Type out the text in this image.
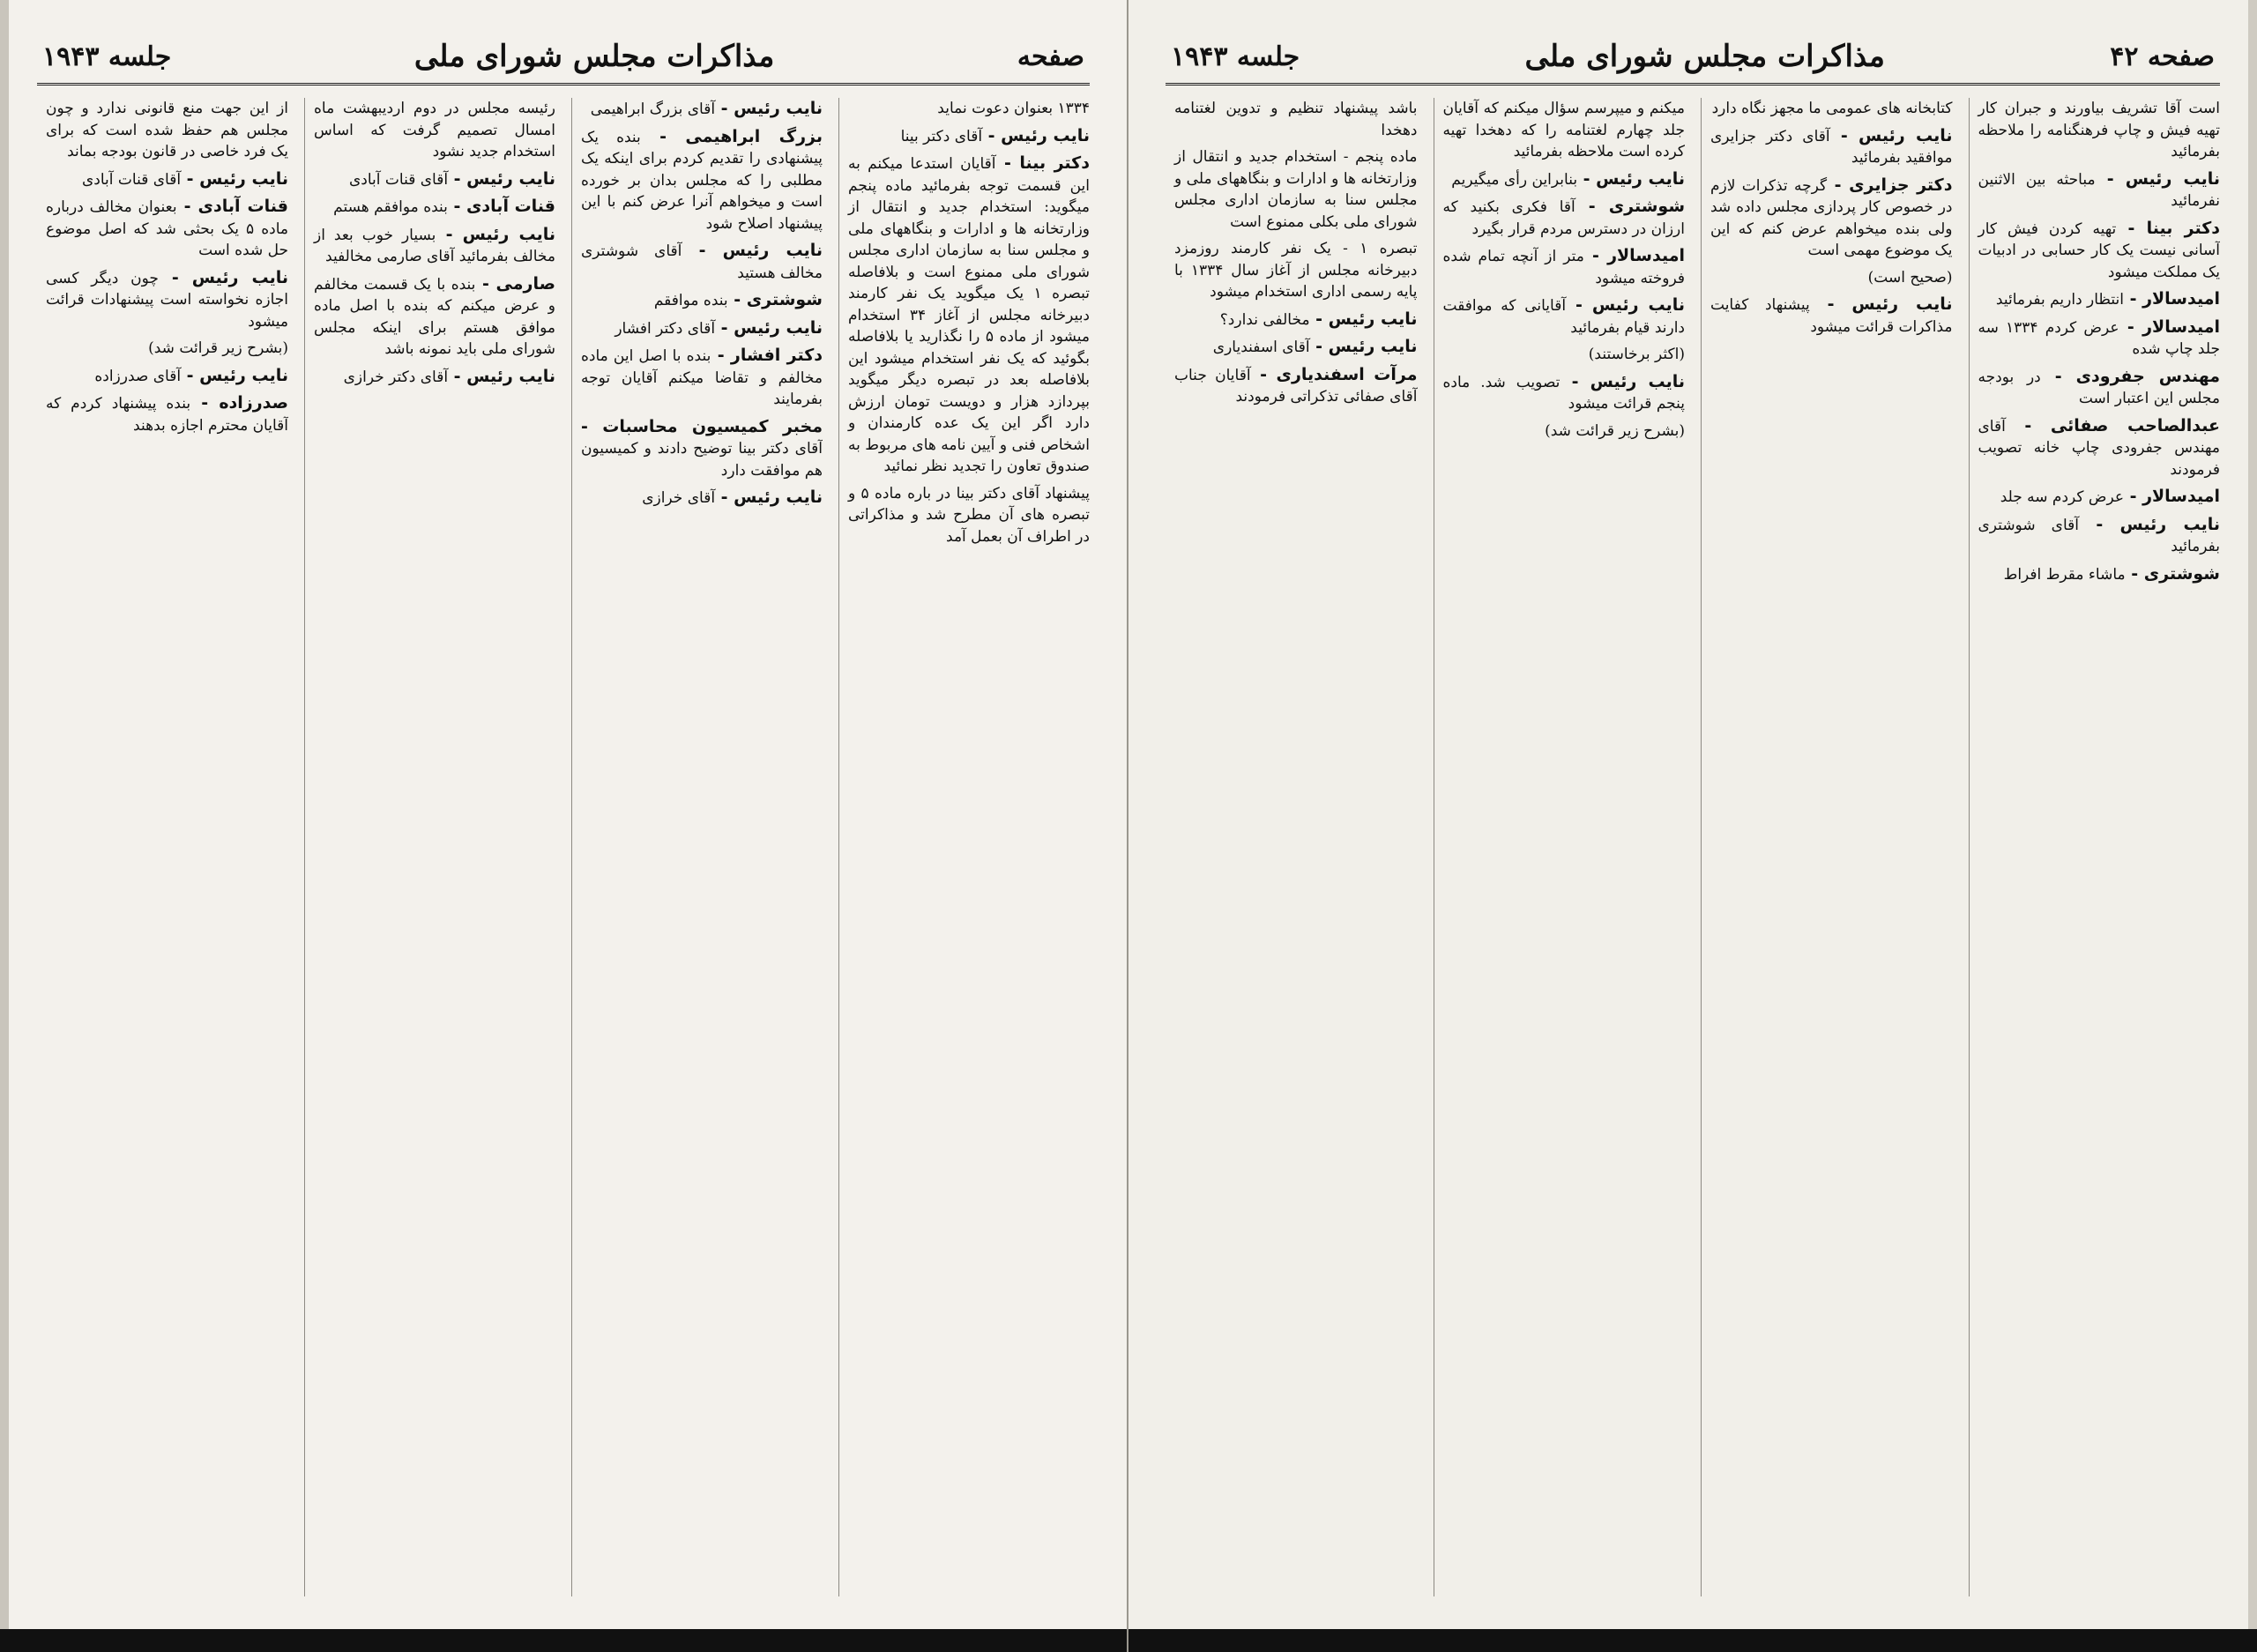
صفحه
مذاکرات مجلس شورای ملی
جلسه ۱۹۴۳

۱۳۳۴ بعنوان دعوت نماید

نایب رئیس - آقای دکتر بینا

دکتر بینا - آقایان استدعا میکنم به این قسمت توجه بفرمائید ماده پنجم میگوید: استخدام جدید و انتقال از وزارتخانه ها و ادارات و بنگاههای ملی و مجلس سنا به سازمان اداری مجلس شورای ملی ممنوع است و بلافاصله تبصره ۱ یک میگوید یک نفر کارمند دبیرخانه مجلس از آغاز ۳۴ استخدام میشود از ماده ۵ را نگذارید یا بلافاصله بگوئید که یک نفر استخدام میشود این بلافاصله بعد در تبصره دیگر میگوید بپردازد هزار و دویست تومان ارزش دارد اگر این یک عده کارمندان و اشخاص فنی و آیین نامه های مربوط به صندوق تعاون را تجدید نظر نمائید

پیشنهاد آقای دکتر بینا در باره ماده ۵ و تبصره های آن مطرح شد و مذاکراتی در اطراف آن بعمل آمد

نایب رئیس - آقای بزرگ ابراهیمی

بزرگ ابراهیمی - بنده یک پیشنهادی را تقدیم کردم برای اینکه یک مطلبی را که مجلس بدان بر خورده است و میخواهم آنرا عرض کنم با این پیشنهاد اصلاح شود

نایب رئیس - آقای شوشتری مخالف هستید

شوشتری - بنده موافقم

نایب رئیس - آقای دکتر افشار

دکتر افشار - بنده با اصل این ماده مخالفم و تقاضا میکنم آقایان توجه بفرمایند

مخبر کمیسیون محاسبات - آقای دکتر بینا توضیح دادند و کمیسیون هم موافقت دارد

نایب رئیس - آقای خرازی

رئیسه مجلس در دوم اردیبهشت ماه امسال تصمیم گرفت که اساس استخدام جدید نشود

نایب رئیس - آقای قنات آبادی

قنات آبادی - بنده موافقم هستم

نایب رئیس - بسیار خوب بعد از مخالف بفرمائید آقای صارمی مخالفید

صارمی - بنده با یک قسمت مخالفم و عرض میکنم که بنده با اصل ماده موافق هستم برای اینکه مجلس شورای ملی باید نمونه باشد

نایب رئیس - آقای دکتر خرازی

از این جهت منع قانونی ندارد و چون مجلس هم حفظ شده است که برای یک فرد خاصی در قانون بودجه بماند

نایب رئیس - آقای قنات آبادی

قنات آبادی - بعنوان مخالف درباره ماده ۵ یک بحثی شد که اصل موضوع حل شده است

نایب رئیس - چون دیگر کسی اجازه نخواسته است پیشنهادات قرائت میشود

(بشرح زیر قرائت شد)

نایب رئیس - آقای صدرزاده

صدرزاده - بنده پیشنهاد کردم که آقایان محترم اجازه بدهند

صفحه ۴۲
مذاکرات مجلس شورای ملی
جلسه ۱۹۴۳

است آقا تشریف بیاورند و جبران کار تهیه فیش و چاپ فرهنگنامه را ملاحظه بفرمائید

نایب رئیس - مباحثه بین الاثنین نفرمائید

دکتر بینا - تهیه کردن فیش کار آسانی نیست یک کار حسابی در ادبیات یک مملکت میشود

امیدسالار - انتظار داریم بفرمائید

امیدسالار - عرض کردم ۱۳۳۴ سه جلد چاپ شده

مهندس جفرودی - در بودجه مجلس این اعتبار است

عبدالصاحب صفائی - آقای مهندس جفرودی چاپ خانه تصویب فرمودند

امیدسالار - عرض کردم سه جلد

نایب رئیس - آقای شوشتری بفرمائید

شوشتری - ماشاء مقرط افراط

کتابخانه های عمومی ما مجهز نگاه دارد

نایب رئیس - آقای دکتر جزایری موافقید بفرمائید

دکتر جزایری - گرچه تذکرات لازم در خصوص کار پردازی مجلس داده شد ولی بنده میخواهم عرض کنم که این یک موضوع مهمی است

(صحیح است)

نایب رئیس - پیشنهاد کفایت مذاکرات قرائت میشود

میکنم و میپرسم سؤال میکنم که آقایان جلد چهارم لغتنامه را که دهخدا تهیه کرده است ملاحظه بفرمائید

نایب رئیس - بنابراین رأی میگیریم

شوشتری - آقا فکری بکنید که ارزان در دسترس مردم قرار بگیرد

امیدسالار - متر از آنچه تمام شده فروخته میشود

نایب رئیس - آقایانی که موافقت دارند قیام بفرمائید

(اکثر برخاستند)

نایب رئیس - تصویب شد. ماده پنجم قرائت میشود

(بشرح زیر قرائت شد)

باشد پیشنهاد تنظیم و تدوین لغتنامه دهخدا

ماده پنجم - استخدام جدید و انتقال از وزارتخانه ها و ادارات و بنگاههای ملی و مجلس سنا به سازمان اداری مجلس شورای ملی بکلی ممنوع است

تبصره ۱ - یک نفر کارمند روزمزد دبیرخانه مجلس از آغاز سال ۱۳۳۴ با پایه رسمی اداری استخدام میشود

نایب رئیس - مخالفی ندارد؟

نایب رئیس - آقای اسفندیاری

مرآت اسفندیاری - آقایان جناب آقای صفائی تذکراتی فرمودند
